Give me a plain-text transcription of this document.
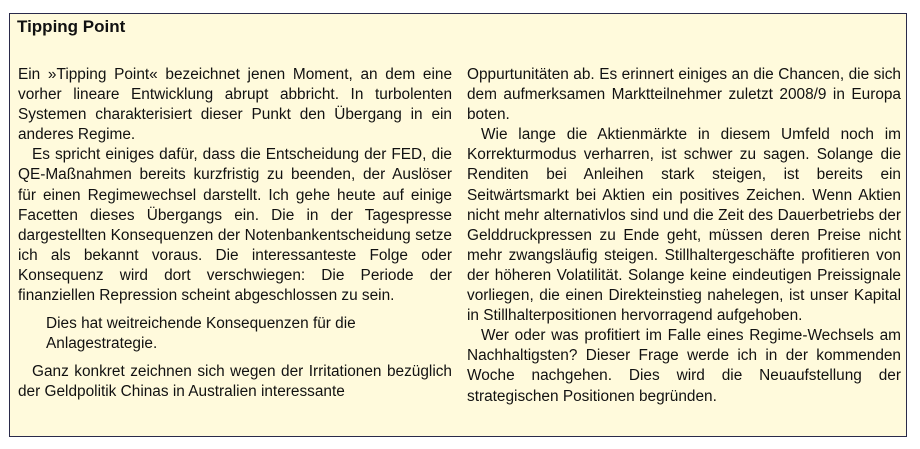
Tipping Point

Ein »Tipping Point« bezeichnet jenen Moment, an dem eine vorher lineare Entwicklung abrupt abbricht. In turbolenten Systemen charakterisiert dieser Punkt den Übergang in ein anderes Regime.

Es spricht einiges dafür, dass die Entscheidung der FED, die QE-Maßnahmen bereits kurzfristig zu beenden, der Auslöser für einen Regimewechsel darstellt. Ich gehe heute auf einige Facetten dieses Übergangs ein. Die in der Tagespresse dargestellten Konsequenzen der Notenbankentscheidung setze ich als bekannt voraus. Die interessanteste Folge oder Konsequenz wird dort verschwiegen: Die Periode der finanziellen Repression scheint abgeschlossen zu sein.

Dies hat weitreichende Konsequenzen für die Anlagestrategie.

Ganz konkret zeichnen sich wegen der Irritationen bezüglich der Geldpolitik Chinas in Australien interessante

Oppurtunitäten ab. Es erinnert einiges an die Chancen, die sich dem aufmerksamen Marktteilnehmer zuletzt 2008/9 in Europa boten.

Wie lange die Aktienmärkte in diesem Umfeld noch im Korrekturmodus verharren, ist schwer zu sagen. Solange die Renditen bei Anleihen stark steigen, ist bereits ein Seitwärtsmarkt bei Aktien ein positives Zeichen. Wenn Aktien nicht mehr alternativlos sind und die Zeit des Dauerbetriebs der Gelddruckpressen zu Ende geht, müssen deren Preise nicht mehr zwangsläufig steigen. Stillhaltergeschäfte profitieren von der höheren Volatilität. Solange keine eindeutigen Preissignale vorliegen, die einen Direkteinstieg nahelegen, ist unser Kapital in Stillhalterpositionen hervorragend aufgehoben.

Wer oder was profitiert im Falle eines Regime-Wechsels am Nachhaltigsten? Dieser Frage werde ich in der kommenden Woche nachgehen. Dies wird die Neuaufstellung der strategischen Positionen begründen.
